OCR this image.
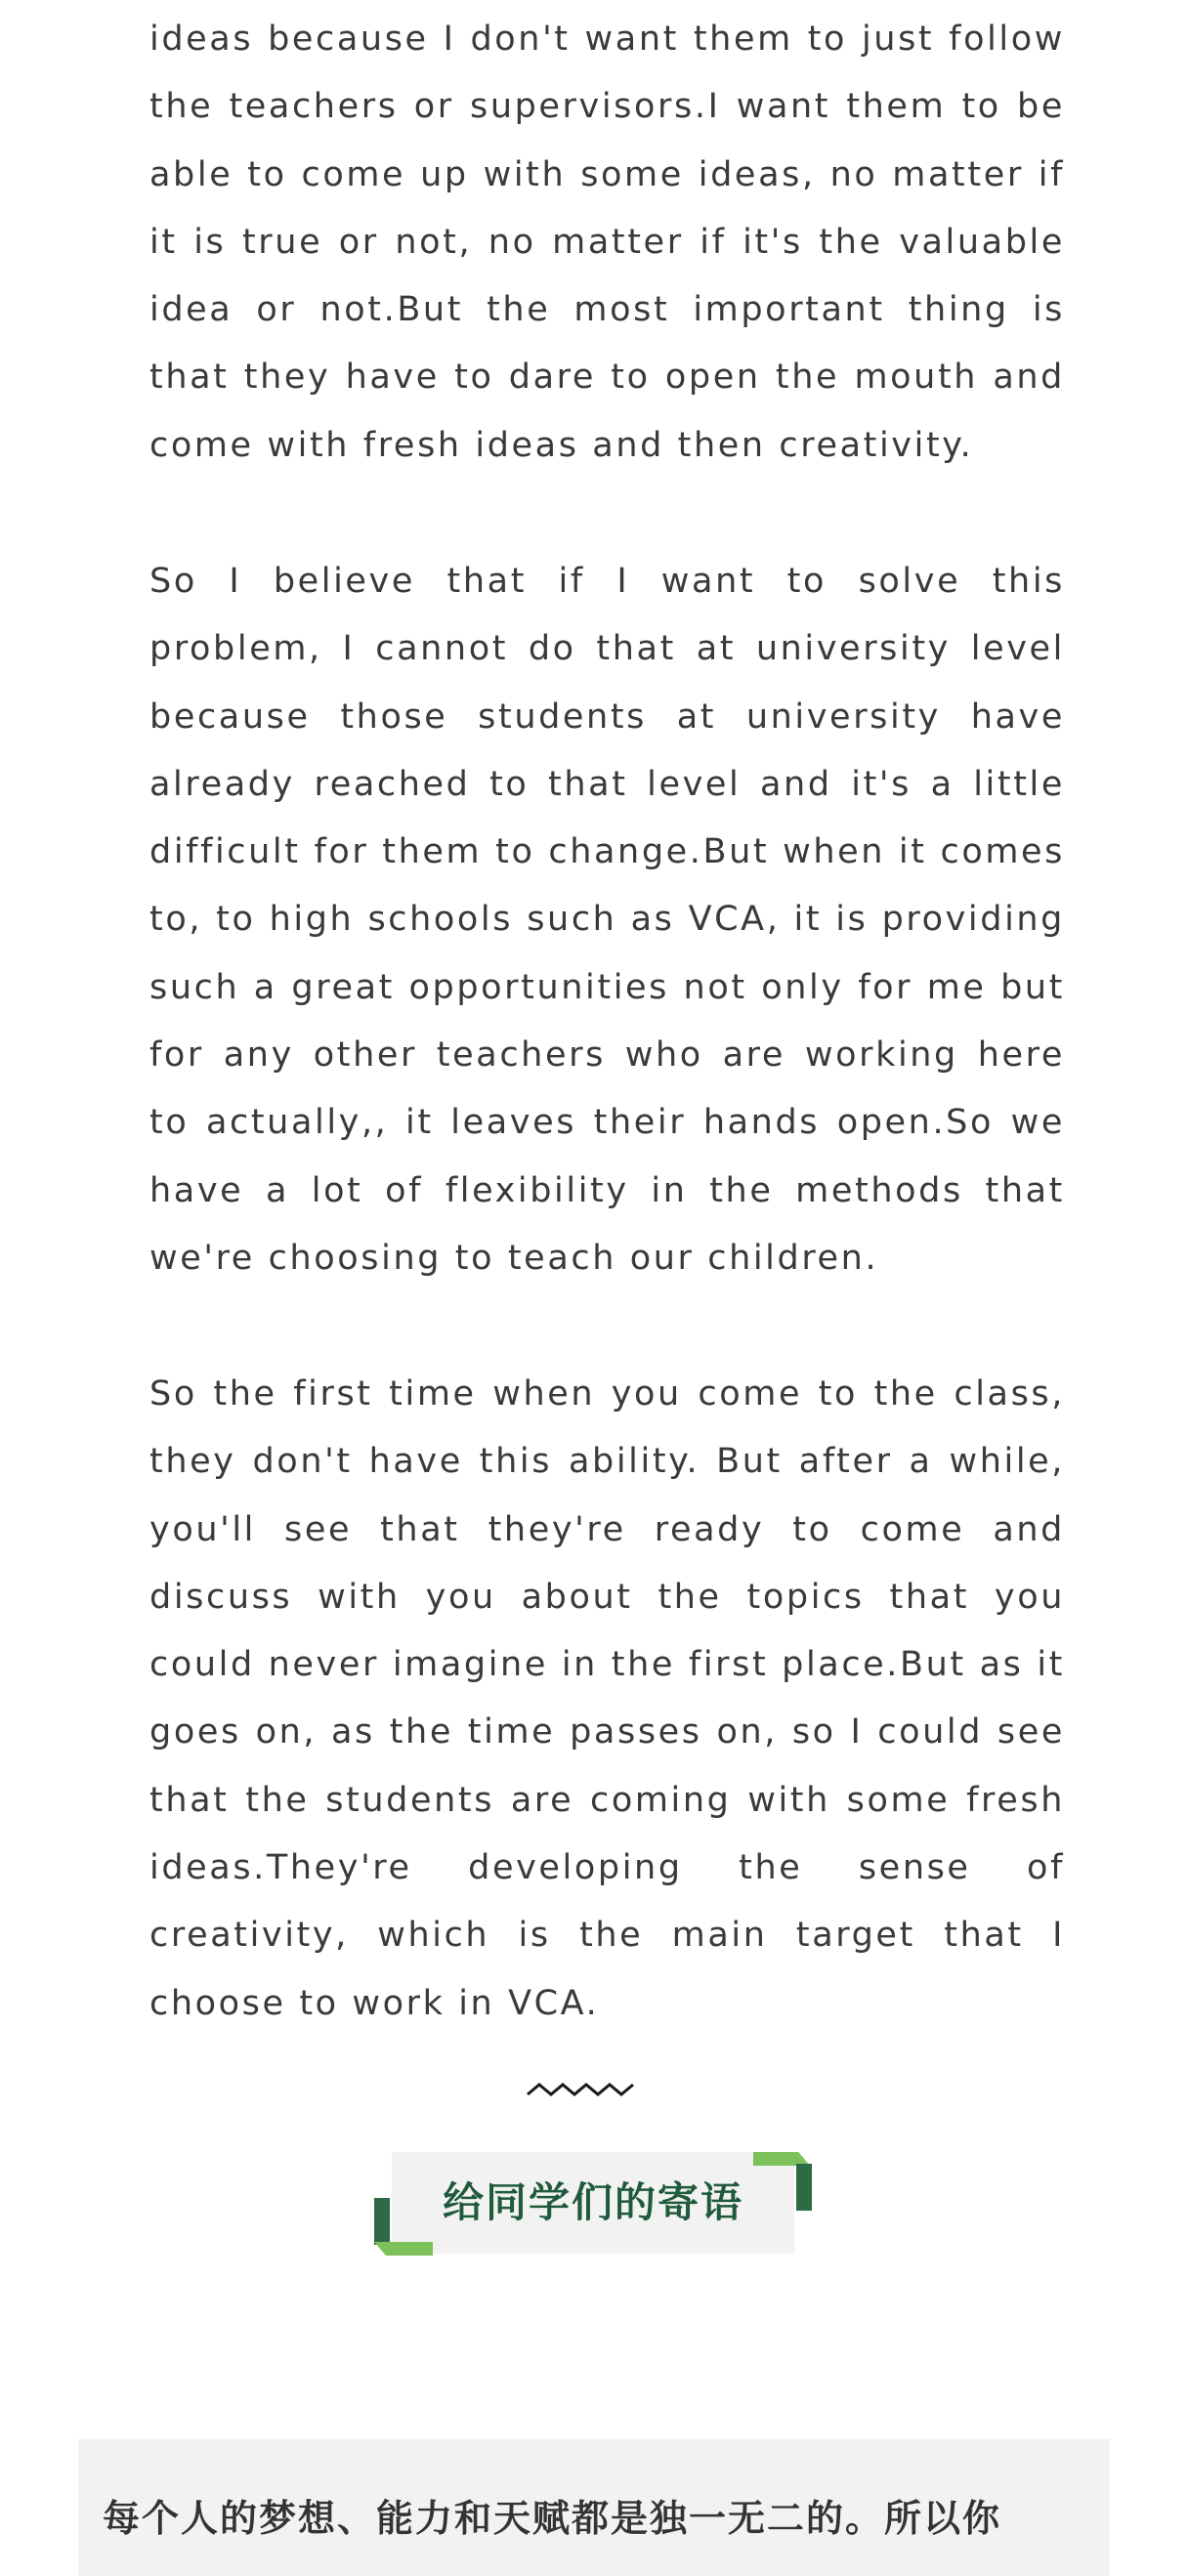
ideas because I don't want them to just follow the teachers or supervisors.I want them to be able to come up with some ideas, no matter if it is true or not, no matter if it's the valuable idea or not.But the most important thing is that they have to dare to open the mouth and come with fresh ideas and then creativity.

So I believe that if I want to solve this problem, I cannot do that at university level because those students at university have already reached to that level and it's a little difficult for them to change.But when it comes to, to high schools such as VCA, it is providing such a great opportunities not only for me but for any other teachers who are working here to actually,, it leaves their hands open.So we have a lot of flexibility in the methods that we're choosing to teach our children.

So the first time when you come to the class, they don't have this ability. But after a while, you'll see that they're ready to come and discuss with you about the topics that you could never imagine in the first place.But as it goes on, as the time passes on, so I could see that the students are coming with some fresh ideas.They're developing the sense of creativity, which is the main target that I choose to work in VCA.

给同学们的寄语
每个人的梦想、能力和天赋都是独一无二的。所以你
